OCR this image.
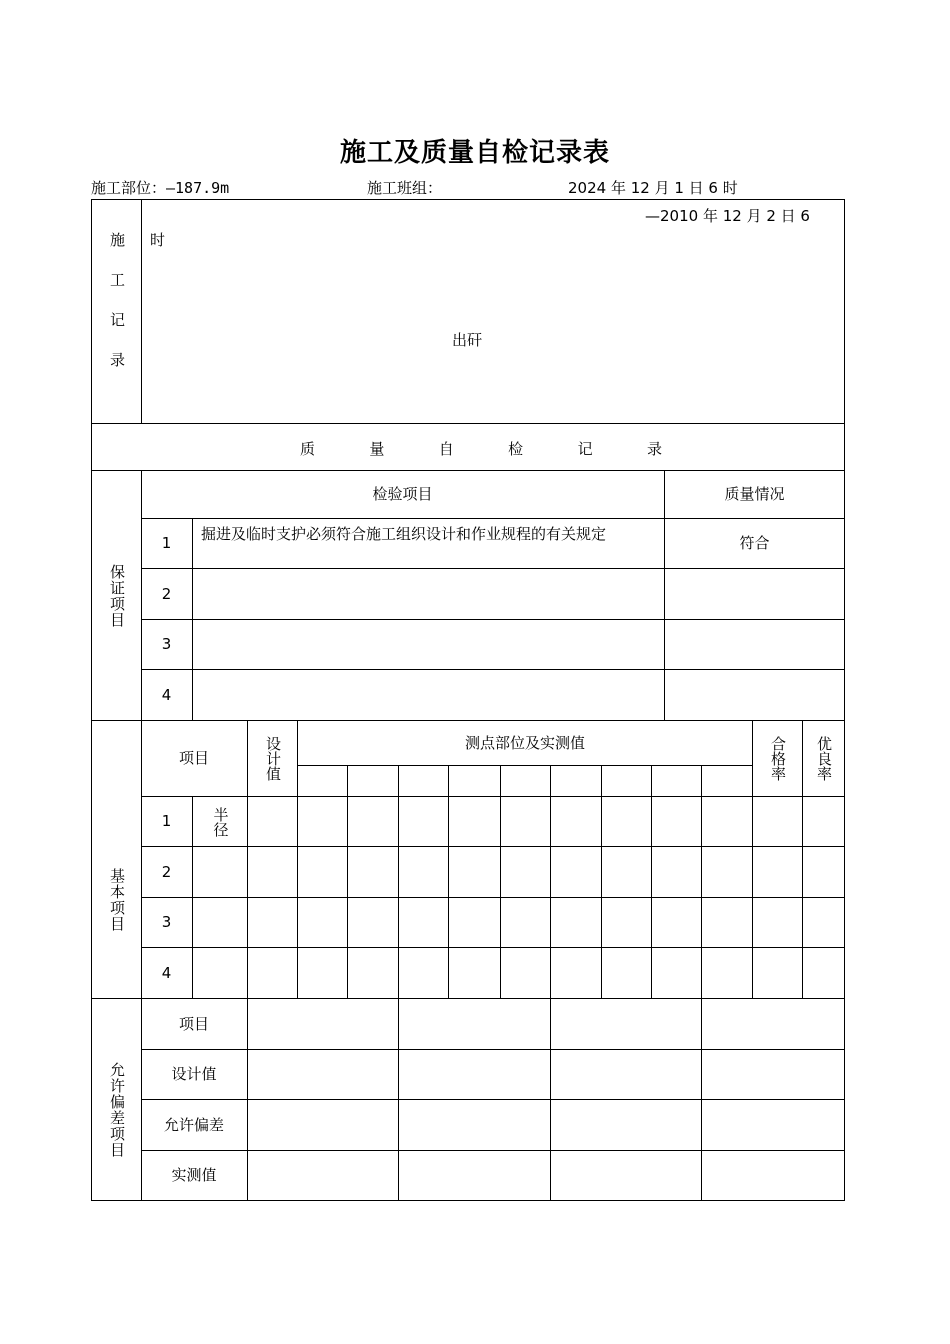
施工及质量自检记录表
施工部位：—187.9m	施工班组：	2024 年 12 月 1 日 6 时
施工记录
—2010 年 12 月 2 日 6
时
出矸
质	量	自	检	记	录
保证项目
检验项目	质量情况
1	掘进及临时支护必须符合施工组织设计和作业规程的有关规定	符合
2
3
4
基本项目
项目	设计值	测点部位及实测值	合格率 优良率
1	半径
2
3
4
允许偏差项目
项目
设计值
允许偏差
实测值
